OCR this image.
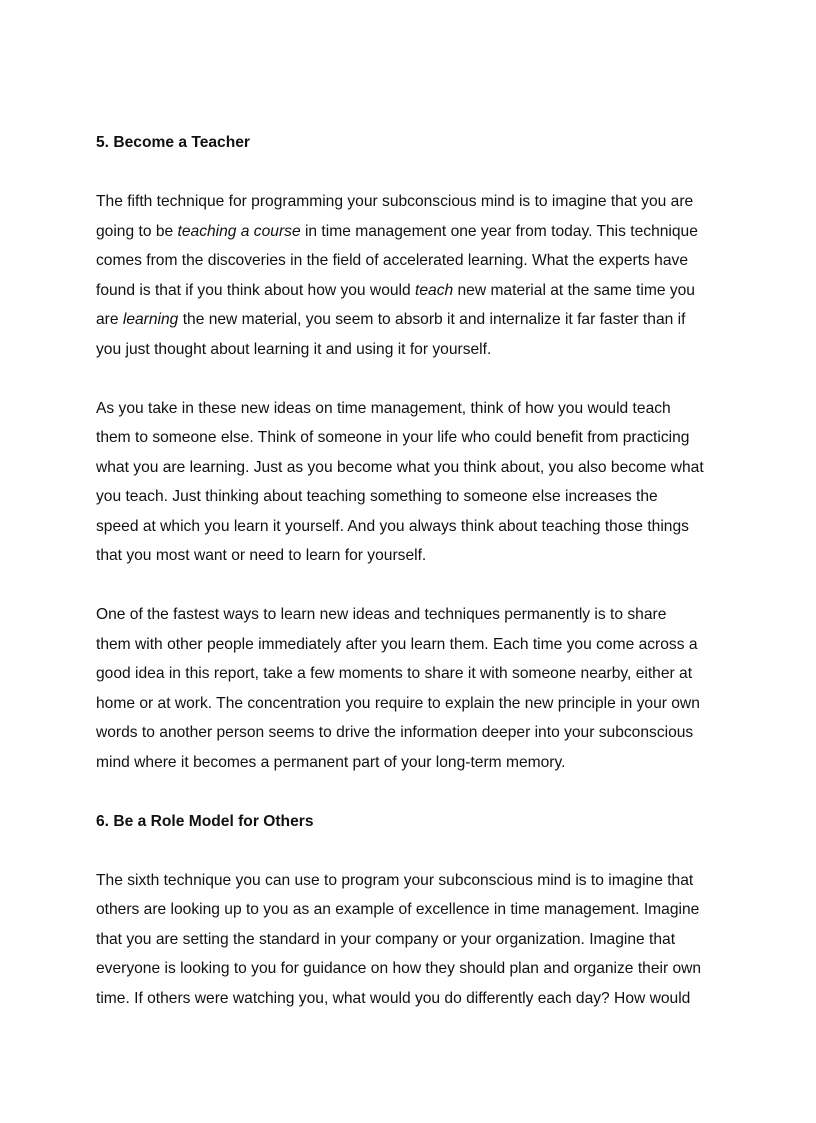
5. Become a Teacher
The fifth technique for programming your subconscious mind is to imagine that you are
going to be teaching a course in time management one year from today. This technique
comes from the discoveries in the field of accelerated learning. What the experts have
found is that if you think about how you would teach new material at the same time you
are learning the new material, you seem to absorb it and internalize it far faster than if
you just thought about learning it and using it for yourself.
As you take in these new ideas on time management, think of how you would teach
them to someone else. Think of someone in your life who could benefit from practicing
what you are learning. Just as you become what you think about, you also become what
you teach. Just thinking about teaching something to someone else increases the
speed at which you learn it yourself. And you always think about teaching those things
that you most want or need to learn for yourself.
One of the fastest ways to learn new ideas and techniques permanently is to share
them with other people immediately after you learn them. Each time you come across a
good idea in this report, take a few moments to share it with someone nearby, either at
home or at work. The concentration you require to explain the new principle in your own
words to another person seems to drive the information deeper into your subconscious
mind where it becomes a permanent part of your long-term memory.
6. Be a Role Model for Others
The sixth technique you can use to program your subconscious mind is to imagine that
others are looking up to you as an example of excellence in time management. Imagine
that you are setting the standard in your company or your organization. Imagine that
everyone is looking to you for guidance on how they should plan and organize their own
time. If others were watching you, what would you do differently each day? How would
